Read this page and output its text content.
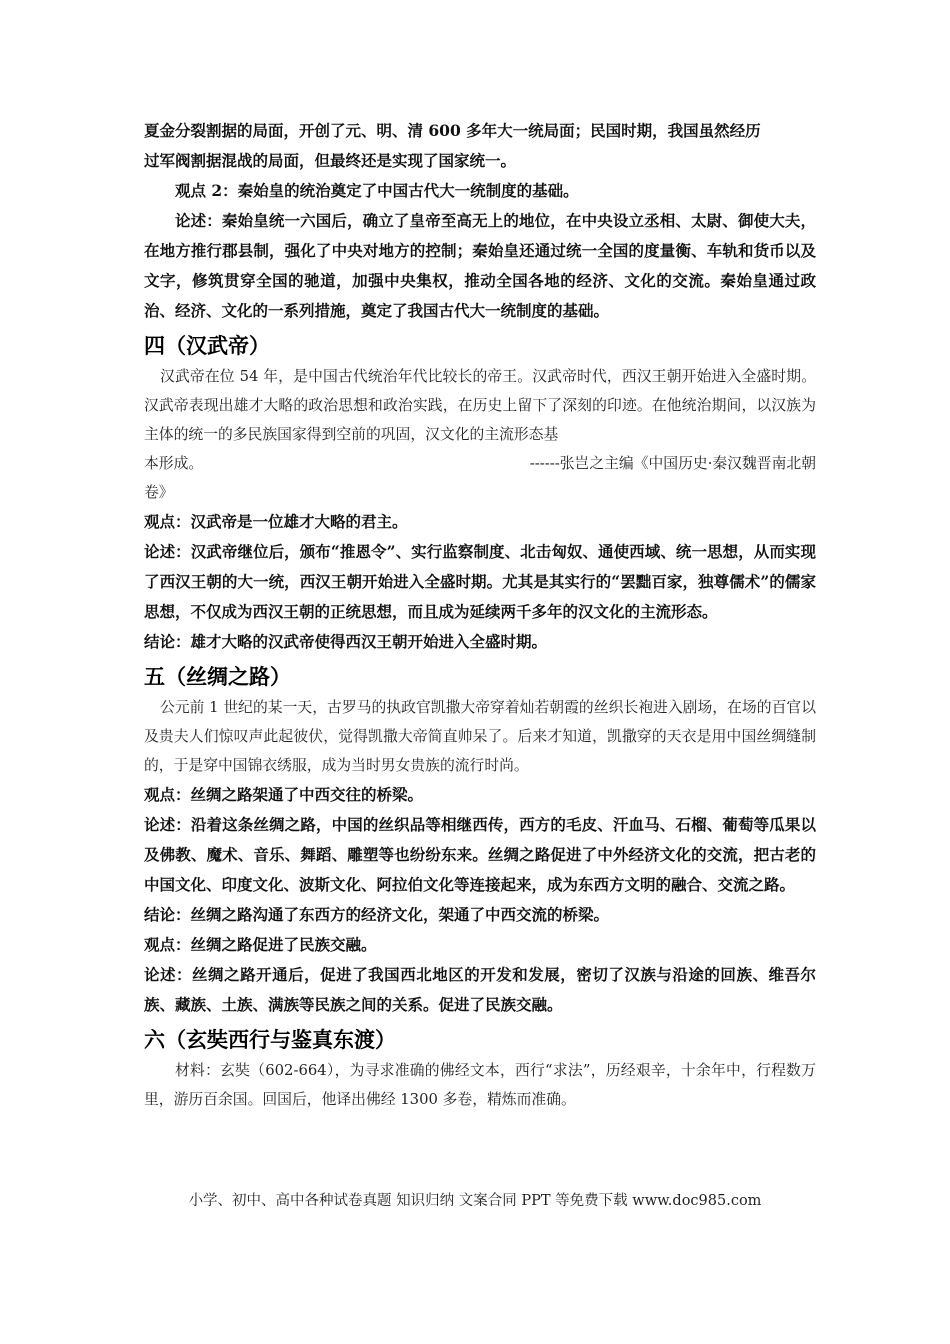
夏金分裂割据的局面，开创了元、明、清 600 多年大一统局面；民国时期，我国虽然经历

过军阀割据混战的局面，但最终还是实现了国家统一。

观点 2：秦始皇的统治奠定了中国古代大一统制度的基础。

论述：秦始皇统一六国后，确立了皇帝至高无上的地位，在中央设立丞相、太尉、御使大夫，在地方推行郡县制，强化了中央对地方的控制；秦始皇还通过统一全国的度量衡、车轨和货币以及文字，修筑贯穿全国的驰道，加强中央集权，推动全国各地的经济、文化的交流。秦始皇通过政治、经济、文化的一系列措施，奠定了我国古代大一统制度的基础。

四（汉武帝）

汉武帝在位 54 年，是中国古代统治年代比较长的帝王。汉武帝时代，西汉王朝开始进入全盛时期。汉武帝表现出雄才大略的政治思想和政治实践，在历史上留下了深刻的印迹。在他统治期间，以汉族为主体的统一的多民族国家得到空前的巩固，汉文化的主流形态基

本形成。	------张岂之主编《中国历史·秦汉魏晋南北朝

卷》

观点：汉武帝是一位雄才大略的君主。

论述：汉武帝继位后，颁布“推恩令”、实行监察制度、北击匈奴、通使西域、统一思想，从而实现了西汉王朝的大一统，西汉王朝开始进入全盛时期。尤其是其实行的“罢黜百家，独尊儒术”的儒家思想，不仅成为西汉王朝的正统思想，而且成为延续两千多年的汉文化的主流形态。

结论：雄才大略的汉武帝使得西汉王朝开始进入全盛时期。

五（丝绸之路）

公元前 1 世纪的某一天，古罗马的执政官凯撒大帝穿着灿若朝霞的丝织长袍进入剧场，在场的百官以及贵夫人们惊叹声此起彼伏，觉得凯撒大帝简直帅呆了。后来才知道，凯撒穿的天衣是用中国丝绸缝制的，于是穿中国锦衣绣服，成为当时男女贵族的流行时尚。

观点：丝绸之路架通了中西交往的桥梁。

论述：沿着这条丝绸之路，中国的丝织品等相继西传，西方的毛皮、汗血马、石榴、葡萄等瓜果以及佛教、魔术、音乐、舞蹈、雕塑等也纷纷东来。丝绸之路促进了中外经济文化的交流，把古老的中国文化、印度文化、波斯文化、阿拉伯文化等连接起来，成为东西方文明的融合、交流之路。

结论：丝绸之路沟通了东西方的经济文化，架通了中西交流的桥梁。

观点：丝绸之路促进了民族交融。

论述：丝绸之路开通后，促进了我国西北地区的开发和发展，密切了汉族与沿途的回族、维吾尔族、藏族、土族、满族等民族之间的关系。促进了民族交融。

六（玄奘西行与鉴真东渡）

材料：玄奘（602-664），为寻求准确的佛经文本，西行“求法”，历经艰辛，十余年中，行程数万里，游历百余国。回国后，他译出佛经 1300 多卷，精炼而准确。

小学、初中、高中各种试卷真题 知识归纳 文案合同 PPT 等免费下载 www.doc985.com
